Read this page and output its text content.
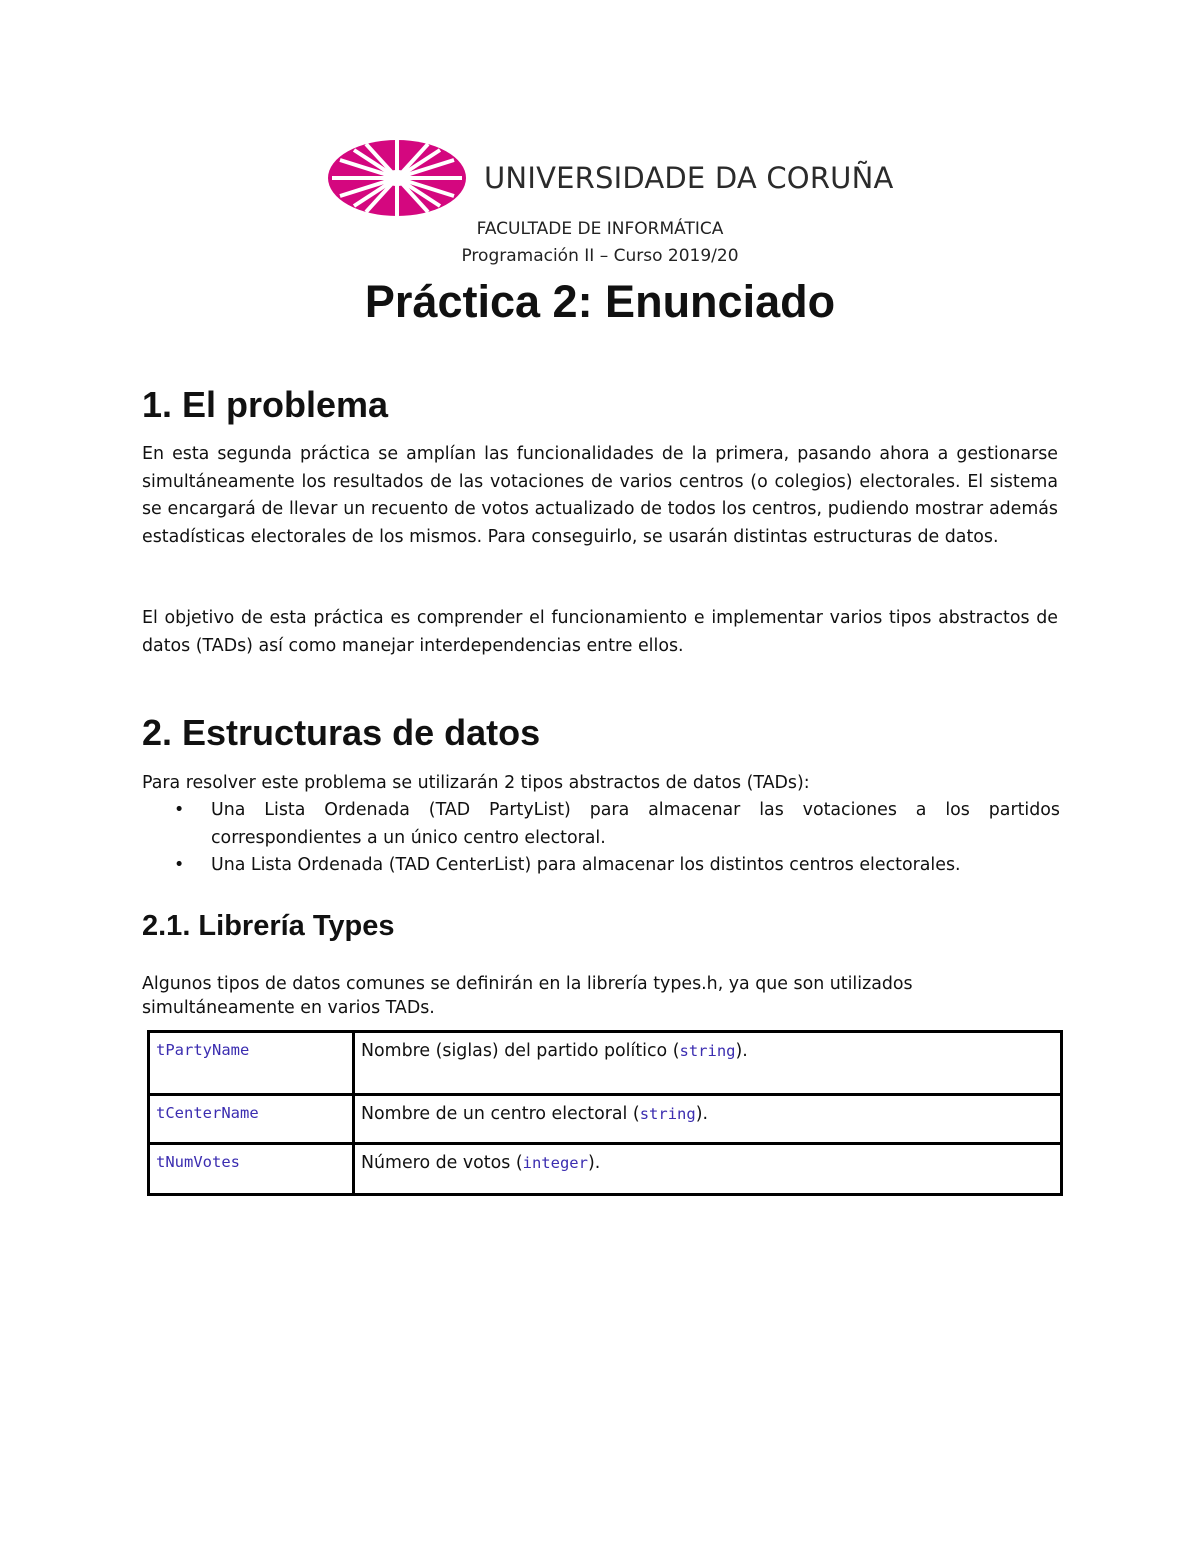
UNIVERSIDADE DA CORUÑA
FACULTADE DE INFORMÁTICA
Programación II – Curso 2019/20
Práctica 2: Enunciado
1. El problema

En esta segunda práctica se amplían las funcionalidades de la primera, pasando ahora a gestionarse simultáneamente los resultados de las votaciones de varios centros (o colegios) electorales. El sistema se encargará de llevar un recuento de votos actualizado de todos los centros, pudiendo mostrar además estadísticas electorales de los mismos. Para conseguirlo, se usarán distintas estructuras de datos.

El objetivo de esta práctica es comprender el funcionamiento e implementar varios tipos abstractos de datos (TADs) así como manejar interdependencias entre ellos.

2. Estructuras de datos

Para resolver este problema se utilizarán 2 tipos abstractos de datos (TADs):

• Una Lista Ordenada (TAD PartyList) para almacenar las votaciones a los partidos correspondientes a un único centro electoral.
• Una Lista Ordenada (TAD CenterList) para almacenar los distintos centros electorales.
2.1. Librería Types

Algunos tipos de datos comunes se definirán en la librería types.h, ya que son utilizados simultáneamente en varios TADs.

tPartyName	Nombre (siglas) del partido político (string).
tCenterName	Nombre de un centro electoral (string).
tNumVotes	Número de votos (integer).
